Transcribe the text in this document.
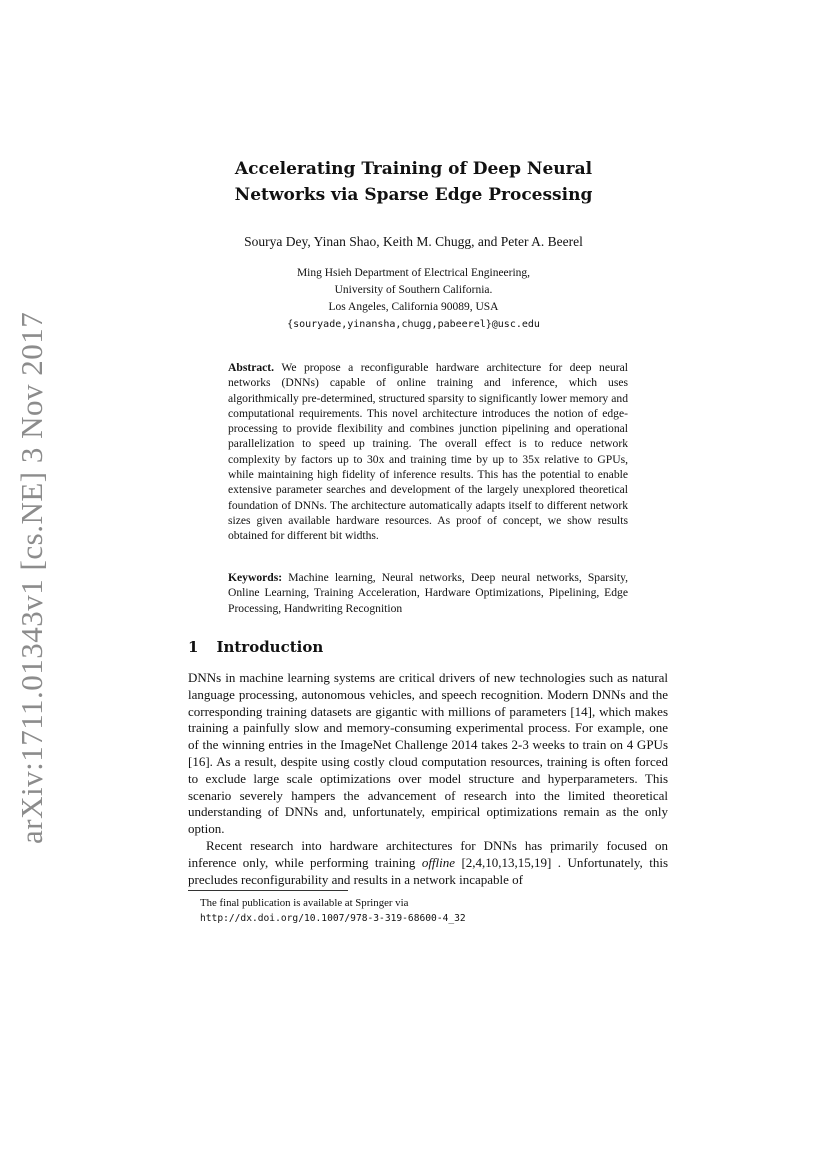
arXiv:1711.01343v1 [cs.NE] 3 Nov 2017
Accelerating Training of Deep Neural
Networks via Sparse Edge Processing
Sourya Dey, Yinan Shao, Keith M. Chugg, and Peter A. Beerel
Ming Hsieh Department of Electrical Engineering,
University of Southern California.
Los Angeles, California 90089, USA
{souryade,yinansha,chugg,pabeerel}@usc.edu
Abstract. We propose a reconfigurable hardware architecture for deep neural networks (DNNs) capable of online training and inference, which uses algorithmically pre-determined, structured sparsity to significantly lower memory and computational requirements. This novel architecture introduces the notion of edge-processing to provide flexibility and combines junction pipelining and operational parallelization to speed up training. The overall effect is to reduce network complexity by factors up to 30x and training time by up to 35x relative to GPUs, while maintaining high fidelity of inference results. This has the potential to enable extensive parameter searches and development of the largely unexplored theoretical foundation of DNNs. The architecture automatically adapts itself to different network sizes given available hardware resources. As proof of concept, we show results obtained for different bit widths.
Keywords: Machine learning, Neural networks, Deep neural networks, Sparsity, Online Learning, Training Acceleration, Hardware Optimizations, Pipelining, Edge Processing, Handwriting Recognition
1 Introduction

DNNs in machine learning systems are critical drivers of new technologies such as natural language processing, autonomous vehicles, and speech recognition. Modern DNNs and the corresponding training datasets are gigantic with millions of parameters [14], which makes training a painfully slow and memory-consuming experimental process. For example, one of the winning entries in the ImageNet Challenge 2014 takes 2-3 weeks to train on 4 GPUs [16]. As a result, despite using costly cloud computation resources, training is often forced to exclude large scale optimizations over model structure and hyperparameters. This scenario severely hampers the advancement of research into the limited theoretical understanding of DNNs and, unfortunately, empirical optimizations remain as the only option.

Recent research into hardware architectures for DNNs has primarily focused on inference only, while performing training offline [2,4,10,13,15,19] . Unfortunately, this precludes reconfigurability and results in a network incapable of

The final publication is available at Springer via
http://dx.doi.org/10.1007/978-3-319-68600-4_32
